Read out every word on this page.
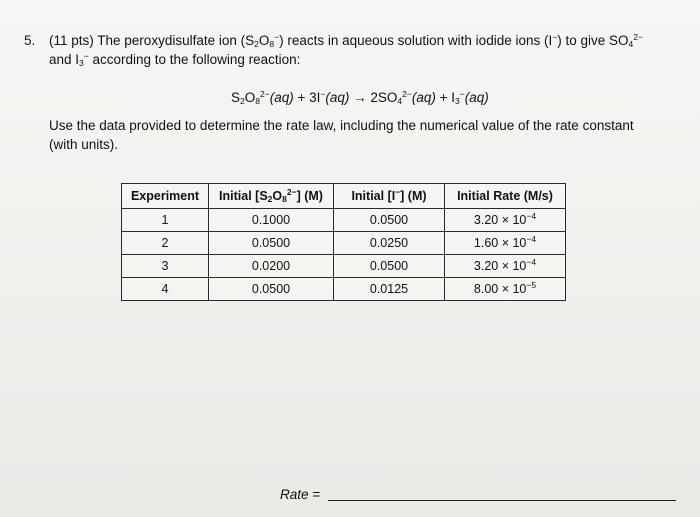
5. (11 pts) The peroxydisulfate ion $(S_2O_8^-)$ reacts in aqueous solution with iodide ions (I−) to give $SO_4^{2-}$
and $I_3^-$ according to the following reaction:
$S_2O_8^{2-}(aq) + 3I^-(aq) \to 2SO_4^{2-}(aq) + I_3^-(aq)$
Use the data provided to determine the rate law, including the numerical value of the rate constant
(with units).
Experiment	Initial $[S_2O_8^{2-}]$ (M)	Initial [I−] (M)	Initial Rate (M/s)
1	0.1000	0.0500	$3.20 \times 10^{-4}$
2	0.0500	0.0250	$1.60 \times 10^{-4}$
3	0.0200	0.0500	$3.20 \times 10^{-4}$
4	0.0500	0.0125	$8.00 \times 10^{-5}$
Rate =
